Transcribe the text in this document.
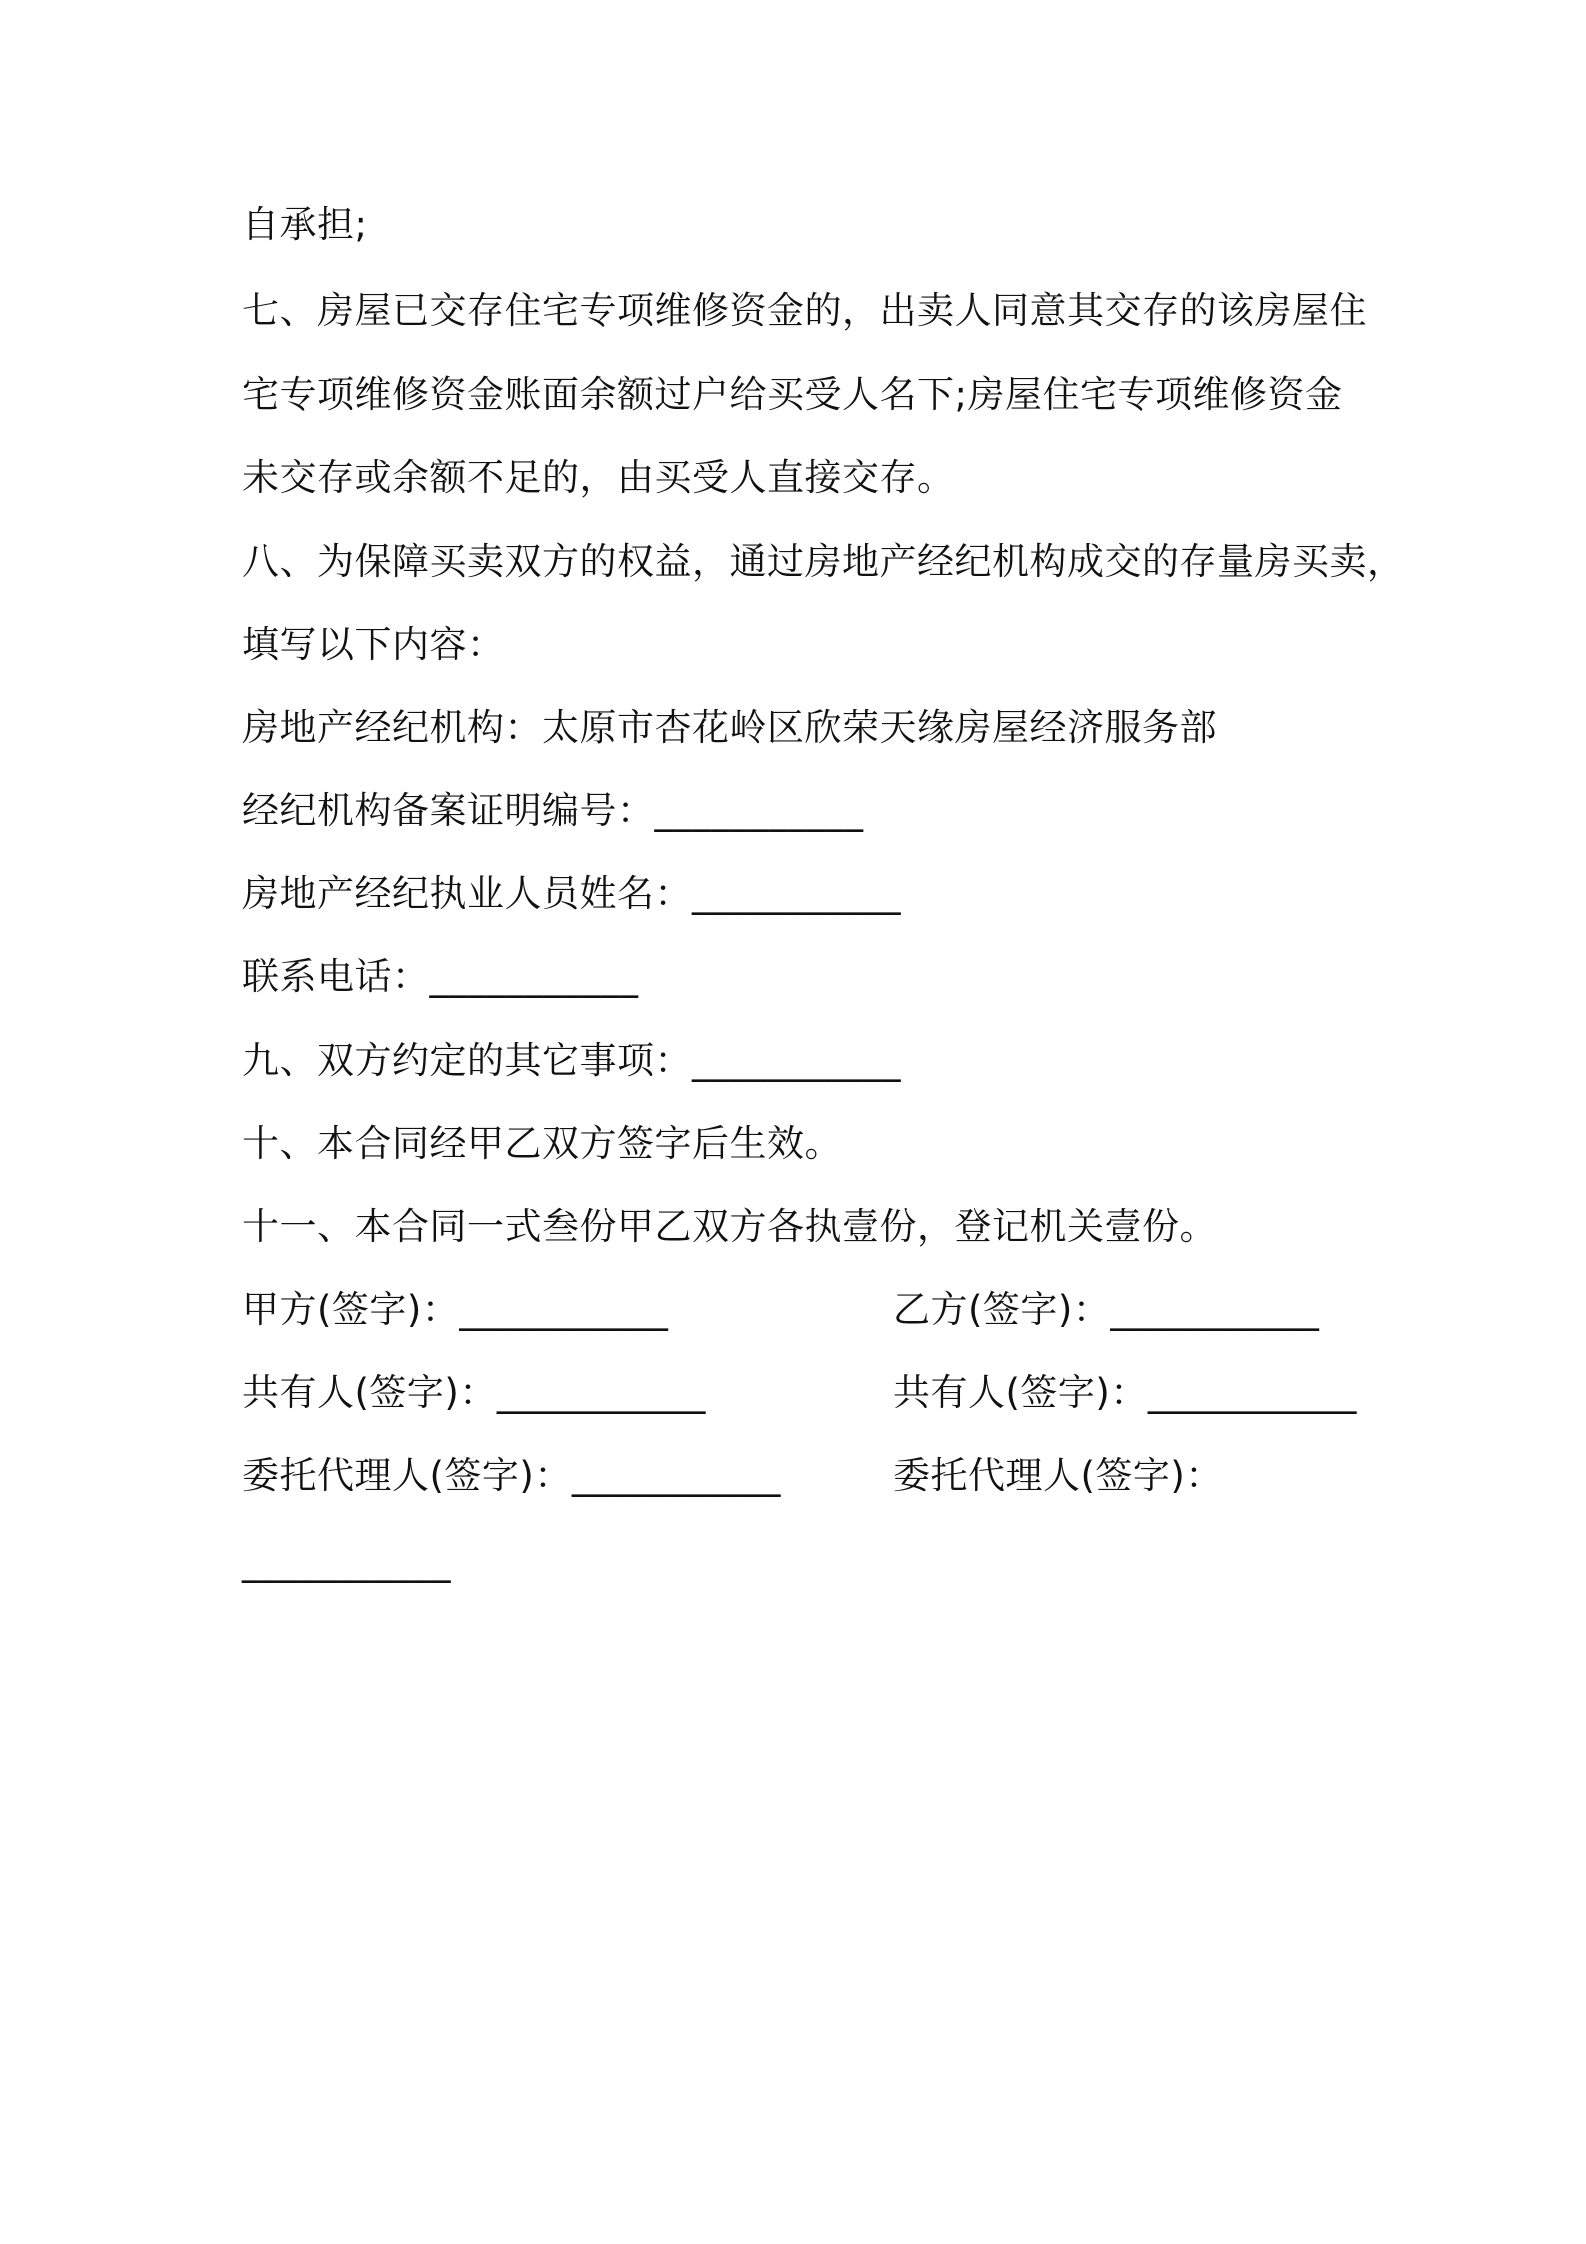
自承担;
七、房屋已交存住宅专项维修资金的，出卖人同意其交存的该房屋住
宅专项维修资金账面余额过户给买受人名下;房屋住宅专项维修资金
未交存或余额不足的，由买受人直接交存。
八、为保障买卖双方的权益，通过房地产经纪机构成交的存量房买卖，
填写以下内容：
房地产经纪机构：太原市杏花岭区欣荣天缘房屋经济服务部
经纪机构备案证明编号：___________
房地产经纪执业人员姓名：___________
联系电话：___________
九、双方约定的其它事项：___________
十、本合同经甲乙双方签字后生效。
十一、本合同一式叁份甲乙双方各执壹份，登记机关壹份。
甲方(签字)：___________	乙方(签字)：___________
共有人(签字)：___________	共有人(签字)：___________
委托代理人(签字)：___________	委托代理人(签字)：
___________
